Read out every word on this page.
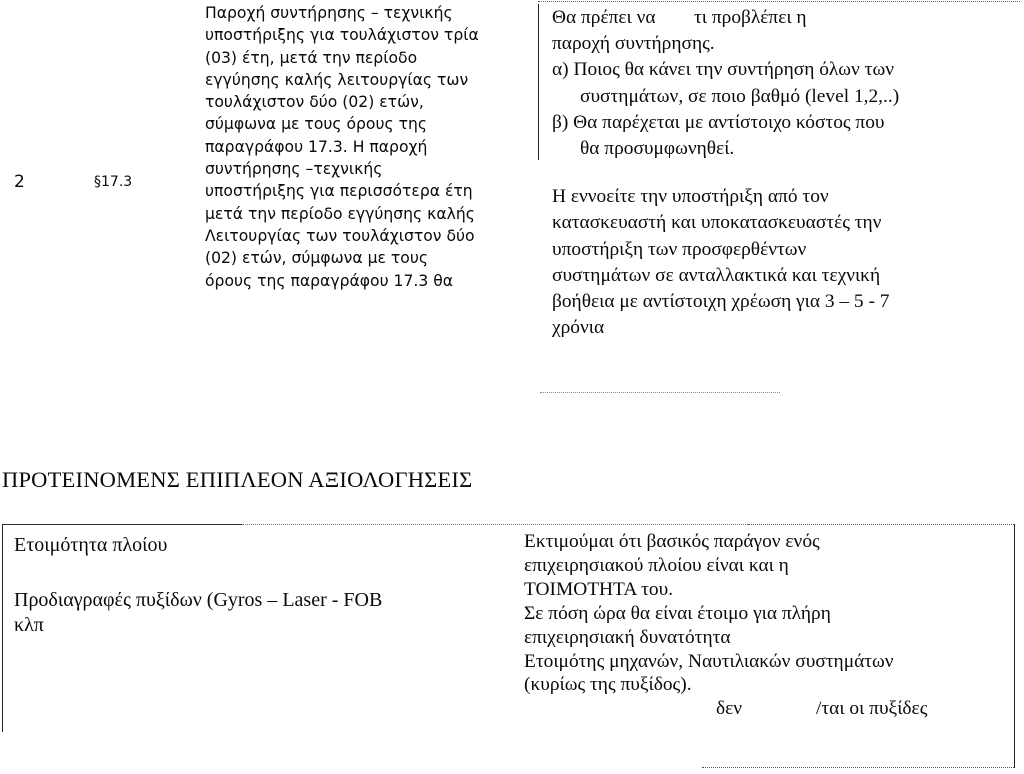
2	§17.3
Παροχή συντήρησης – τεχνικής
υποστήριξης για τουλάχιστον τρία
(03) έτη, μετά την περίοδο
εγγύησης καλής λειτουργίας των
τουλάχιστον δύο (02) ετών,
σύμφωνα με τους όρους της
παραγράφου 17.3. Η παροχή
συντήρησης –τεχνικής
υποστήριξης για περισσότερα έτη
μετά την περίοδο εγγύησης καλής
Λειτουργίας των τουλάχιστον δύο
(02) ετών, σύμφωνα με τους
όρους της παραγράφου 17.3 θα
Θα πρέπει να τι προβλέπει η
παροχή συντήρησης.
α) Ποιος θα κάνει την συντήρηση όλων των
συστημάτων, σε ποιο βαθμό (level 1,2,..)
β) Θα παρέχεται με αντίστοιχο κόστος που
θα προσυμφωνηθεί.
Η εννοείτε την υποστήριξη από τον
κατασκευαστή και υποκατασκευαστές την
υποστήριξη των προσφερθέντων
συστημάτων σε ανταλλακτικά και τεχνική
βοήθεια με αντίστοιχη χρέωση για 3 – 5 - 7
χρόνια
ΠΡΟΤΕΙΝΟΜΕΝΣ ΕΠΙΠΛΕΟΝ ΑΞΙΟΛΟΓΗΣΕΙΣ
Ετοιμότητα πλοίου
Προδιαγραφές πυξίδων (Gyros – Laser - FOB
κλπ
Εκτιμούμαι ότι βασικός παράγον ενός
επιχειρησιακού πλοίου είναι και η
ΤΟΙΜΟΤΗΤΑ του.
Σε πόση ώρα θα είναι έτοιμο για πλήρη
επιχειρησιακή δυνατότητα
Ετοιμότης μηχανών, Ναυτιλιακών συστημάτων
(κυρίως της πυξίδος).
δεν	/ται οι πυξίδες
